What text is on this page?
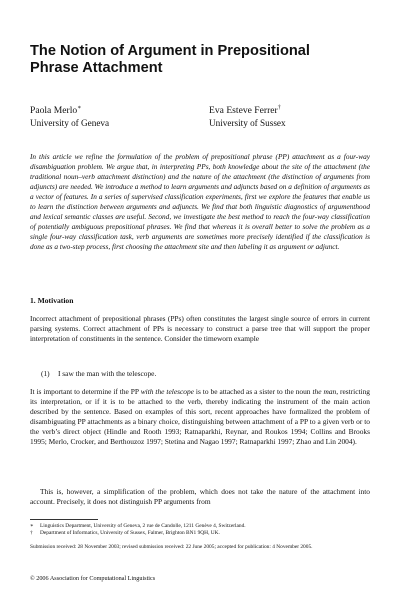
The Notion of Argument in Prepositional
Phrase Attachment
Paola Merlo∗
University of Geneva
Eva Esteve Ferrer†
University of Sussex

In this article we refine the formulation of the problem of prepositional phrase (PP) attachment as a four-way disambiguation problem. We argue that, in interpreting PPs, both knowledge about the site of the attachment (the traditional noun–verb attachment distinction) and the nature of the attachment (the distinction of arguments from adjuncts) are needed. We introduce a method to learn arguments and adjuncts based on a definition of arguments as a vector of features. In a series of supervised classification experiments, first we explore the features that enable us to learn the distinction between arguments and adjuncts. We find that both linguistic diagnostics of argumenthood and lexical semantic classes are useful. Second, we investigate the best method to reach the four-way classification of potentially ambiguous prepositional phrases. We find that whereas it is overall better to solve the problem as a single four-way classification task, verb arguments are sometimes more precisely identified if the classification is done as a two-step process, first choosing the attachment site and then labeling it as argument or adjunct.

1. Motivation

Incorrect attachment of prepositional phrases (PPs) often constitutes the largest single source of errors in current parsing systems. Correct attachment of PPs is necessary to construct a parse tree that will support the proper interpretation of constituents in the sentence. Consider the timeworn example

(1) I saw the man with the telescope.

It is important to determine if the PP with the telescope is to be attached as a sister to the noun the man, restricting its interpretation, or if it is to be attached to the verb, thereby indicating the instrument of the main action described by the sentence. Based on examples of this sort, recent approaches have formalized the problem of disambiguating PP attachments as a binary choice, distinguishing between attachment of a PP to a given verb or to the verb’s direct object (Hindle and Rooth 1993; Ratnaparkhi, Reynar, and Roukos 1994; Collins and Brooks 1995; Merlo, Crocker, and Berthouzoz 1997; Stetina and Nagao 1997; Ratnaparkhi 1997; Zhao and Lin 2004).

This is, however, a simplification of the problem, which does not take the nature of the attachment into account. Precisely, it does not distinguish PP arguments from

∗ Linguistics Department, University of Geneva, 2 rue de Candolle, 1211 Genève 4, Switzerland.
† Department of Informatics, University of Sussex, Falmer, Brighton BN1 9QH, UK.

Submission received: 28 November 2003; revised submission received: 22 June 2005; accepted for publication: 4 November 2005.

© 2006 Association for Computational Linguistics
